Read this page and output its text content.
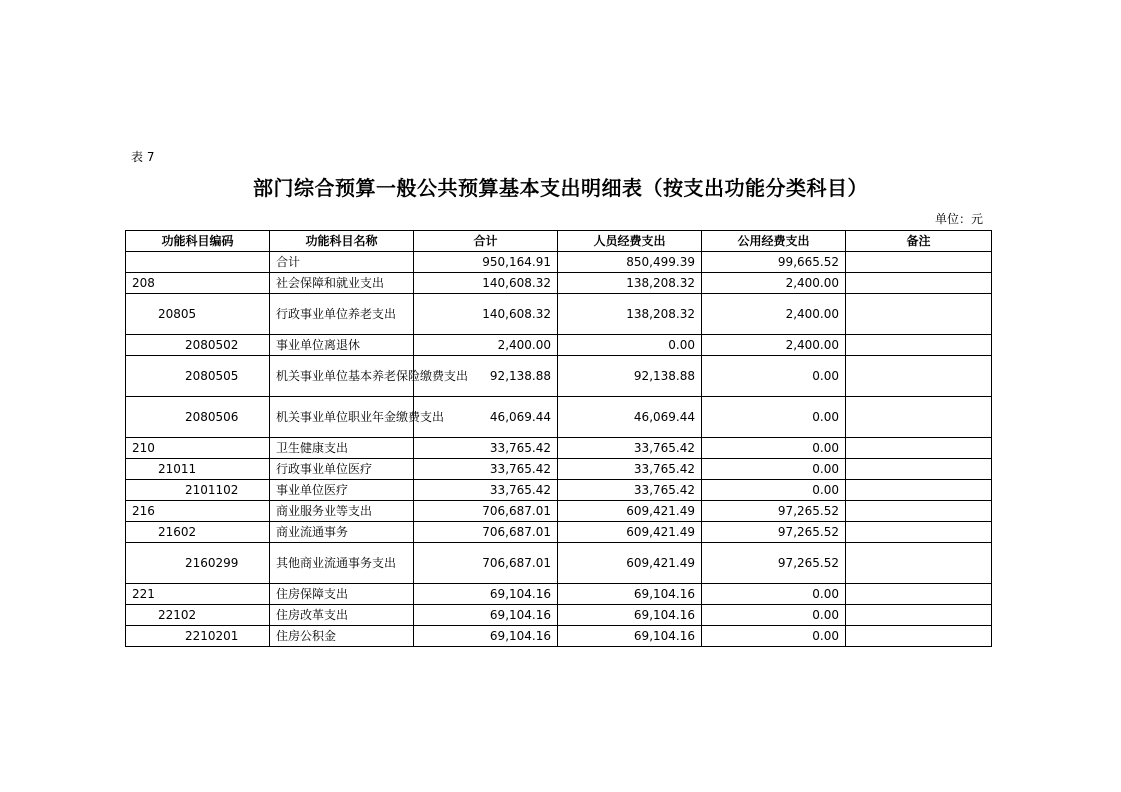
表 7
部门综合预算一般公共预算基本支出明细表（按支出功能分类科目）
单位：元
功能科目编码	功能科目名称	合计	人员经费支出	公用经费支出	备注
	合计	950,164.91	850,499.39	99,665.52	
208	社会保障和就业支出	140,608.32	138,208.32	2,400.00	
20805	行政事业单位养老支出	140,608.32	138,208.32	2,400.00	
2080502	事业单位离退休	2,400.00	0.00	2,400.00	
2080505	机关事业单位基本养老保险缴费支出	92,138.88	92,138.88	0.00	
2080506	机关事业单位职业年金缴费支出	46,069.44	46,069.44	0.00	
210	卫生健康支出	33,765.42	33,765.42	0.00	
21011	行政事业单位医疗	33,765.42	33,765.42	0.00	
2101102	事业单位医疗	33,765.42	33,765.42	0.00	
216	商业服务业等支出	706,687.01	609,421.49	97,265.52	
21602	商业流通事务	706,687.01	609,421.49	97,265.52	
2160299	其他商业流通事务支出	706,687.01	609,421.49	97,265.52	
221	住房保障支出	69,104.16	69,104.16	0.00	
22102	住房改革支出	69,104.16	69,104.16	0.00	
2210201	住房公积金	69,104.16	69,104.16	0.00	
